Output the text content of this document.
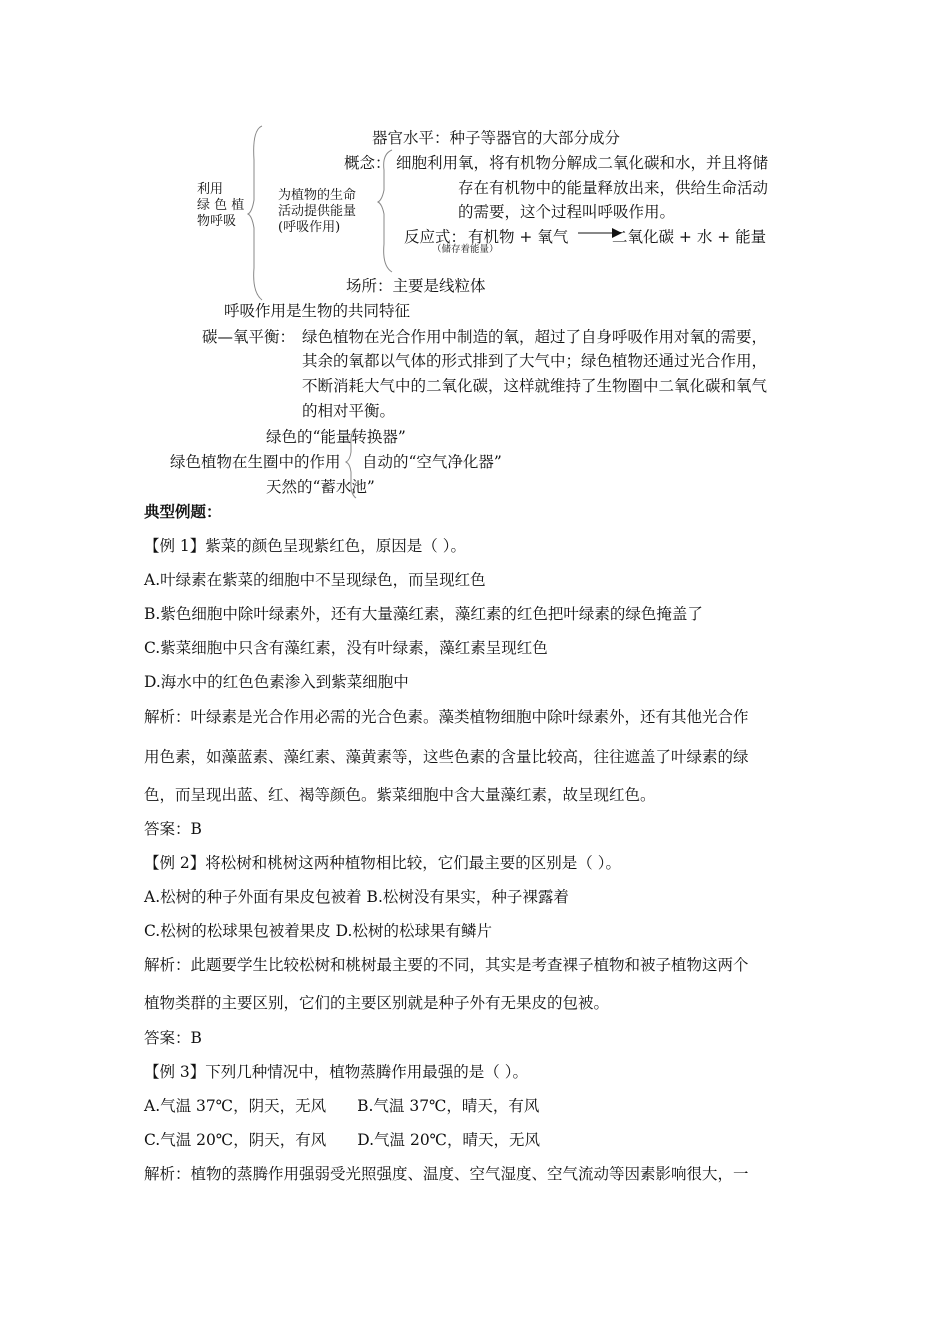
利用
绿 色 植
物呼吸
为植物的生命
活动提供能量
(呼吸作用)
器官水平：种子等器官的大部分成分
概念： 细胞利用氧，将有机物分解成二氧化碳和水，并且将储
存在有机物中的能量释放出来，供给生命活动
的需要，这个过程叫呼吸作用。
反应式： 有机物 + 氧气	二氧化碳 + 水 + 能量
（储存着能量）
场所：主要是线粒体
呼吸作用是生物的共同特征
碳—氧平衡： 绿色植物在光合作用中制造的氧，超过了自身呼吸作用对氧的需要，
其余的氧都以气体的形式排到了大气中；绿色植物还通过光合作用，
不断消耗大气中的二氧化碳，这样就维持了生物圈中二氧化碳和氧气
的相对平衡。
绿色的“能量转换器”
绿色植物在生圈中的作用 自动的“空气净化器”
天然的“蓄水池”
典型例题：
【例 1】紫菜的颜色呈现紫红色，原因是（ ）。
A.叶绿素在紫菜的细胞中不呈现绿色，而呈现红色
B.紫色细胞中除叶绿素外，还有大量藻红素，藻红素的红色把叶绿素的绿色掩盖了
C.紫菜细胞中只含有藻红素，没有叶绿素，藻红素呈现红色
D.海水中的红色色素渗入到紫菜细胞中
解析：叶绿素是光合作用必需的光合色素。藻类植物细胞中除叶绿素外，还有其他光合作
用色素，如藻蓝素、藻红素、藻黄素等，这些色素的含量比较高，往往遮盖了叶绿素的绿
色，而呈现出蓝、红、褐等颜色。紫菜细胞中含大量藻红素，故呈现红色。
答案：B
【例 2】将松树和桃树这两种植物相比较，它们最主要的区别是（ ）。
A.松树的种子外面有果皮包被着 B.松树没有果实，种子裸露着
C.松树的松球果包被着果皮 D.松树的松球果有鳞片
解析：此题要学生比较松树和桃树最主要的不同，其实是考查裸子植物和被子植物这两个
植物类群的主要区别，它们的主要区别就是种子外有无果皮的包被。
答案：B
【例 3】下列几种情况中，植物蒸腾作用最强的是（ ）。
A.气温 37℃，阴天，无风　　B.气温 37℃，晴天，有风
C.气温 20℃，阴天，有风　　D.气温 20℃，晴天，无风
解析：植物的蒸腾作用强弱受光照强度、温度、空气湿度、空气流动等因素影响很大，一
